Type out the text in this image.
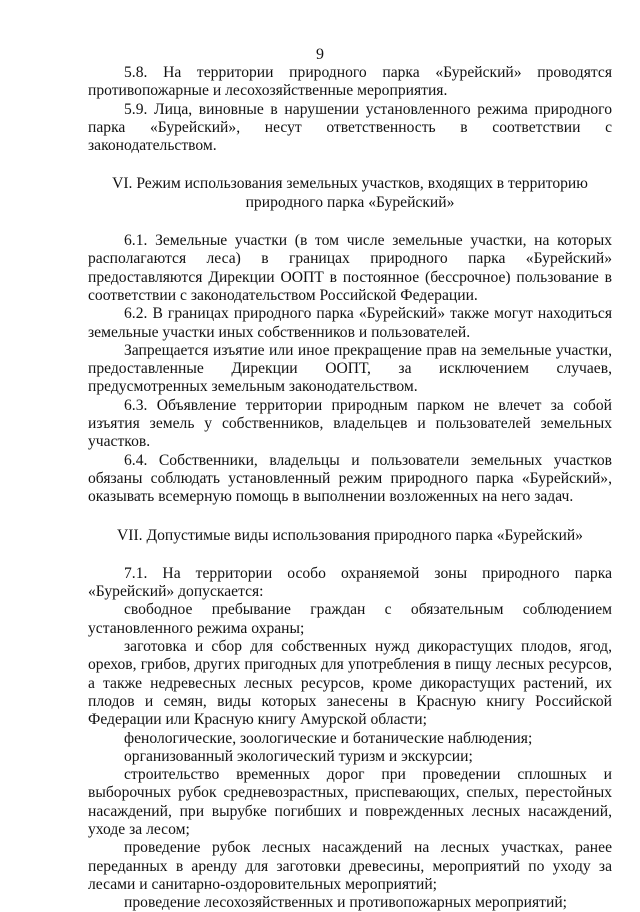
9

5.8. На территории природного парка «Бурейский» проводятся противопожарные и лесохозяйственные мероприятия.

5.9. Лица, виновные в нарушении установленного режима природного парка «Бурейский», несут ответственность в соответствии с законодательством.

VI. Режим использования земельных участков, входящих в территорию природного парка «Бурейский»

6.1. Земельные участки (в том числе земельные участки, на которых располагаются леса) в границах природного парка «Бурейский» предоставляются Дирекции ООПТ в постоянное (бессрочное) пользование в соответствии с законодательством Российской Федерации.

6.2. В границах природного парка «Бурейский» также могут находиться земельные участки иных собственников и пользователей.

Запрещается изъятие или иное прекращение прав на земельные участки, предоставленные Дирекции ООПТ, за исключением случаев, предусмотренных земельным законодательством.

6.3. Объявление территории природным парком не влечет за собой изъятия земель у собственников, владельцев и пользователей земельных участков.

6.4. Собственники, владельцы и пользователи земельных участков обязаны соблюдать установленный режим природного парка «Бурейский», оказывать всемерную помощь в выполнении возложенных на него задач.

VII. Допустимые виды использования природного парка «Бурейский»

7.1. На территории особо охраняемой зоны природного парка «Бурейский» допускается:

свободное пребывание граждан с обязательным соблюдением установленного режима охраны;

заготовка и сбор для собственных нужд дикорастущих плодов, ягод, орехов, грибов, других пригодных для употребления в пищу лесных ресурсов, а также недревесных лесных ресурсов, кроме дикорастущих растений, их плодов и семян, виды которых занесены в Красную книгу Российской Федерации или Красную книгу Амурской области;

фенологические, зоологические и ботанические наблюдения;

организованный экологический туризм и экскурсии;

строительство временных дорог при проведении сплошных и выборочных рубок средневозрастных, приспевающих, спелых, перестойных насаждений, при вырубке погибших и поврежденных лесных насаждений, уходе за лесом;

проведение рубок лесных насаждений на лесных участках, ранее переданных в аренду для заготовки древесины, мероприятий по уходу за лесами и санитарно-оздоровительных мероприятий;

проведение лесохозяйственных и противопожарных мероприятий;
